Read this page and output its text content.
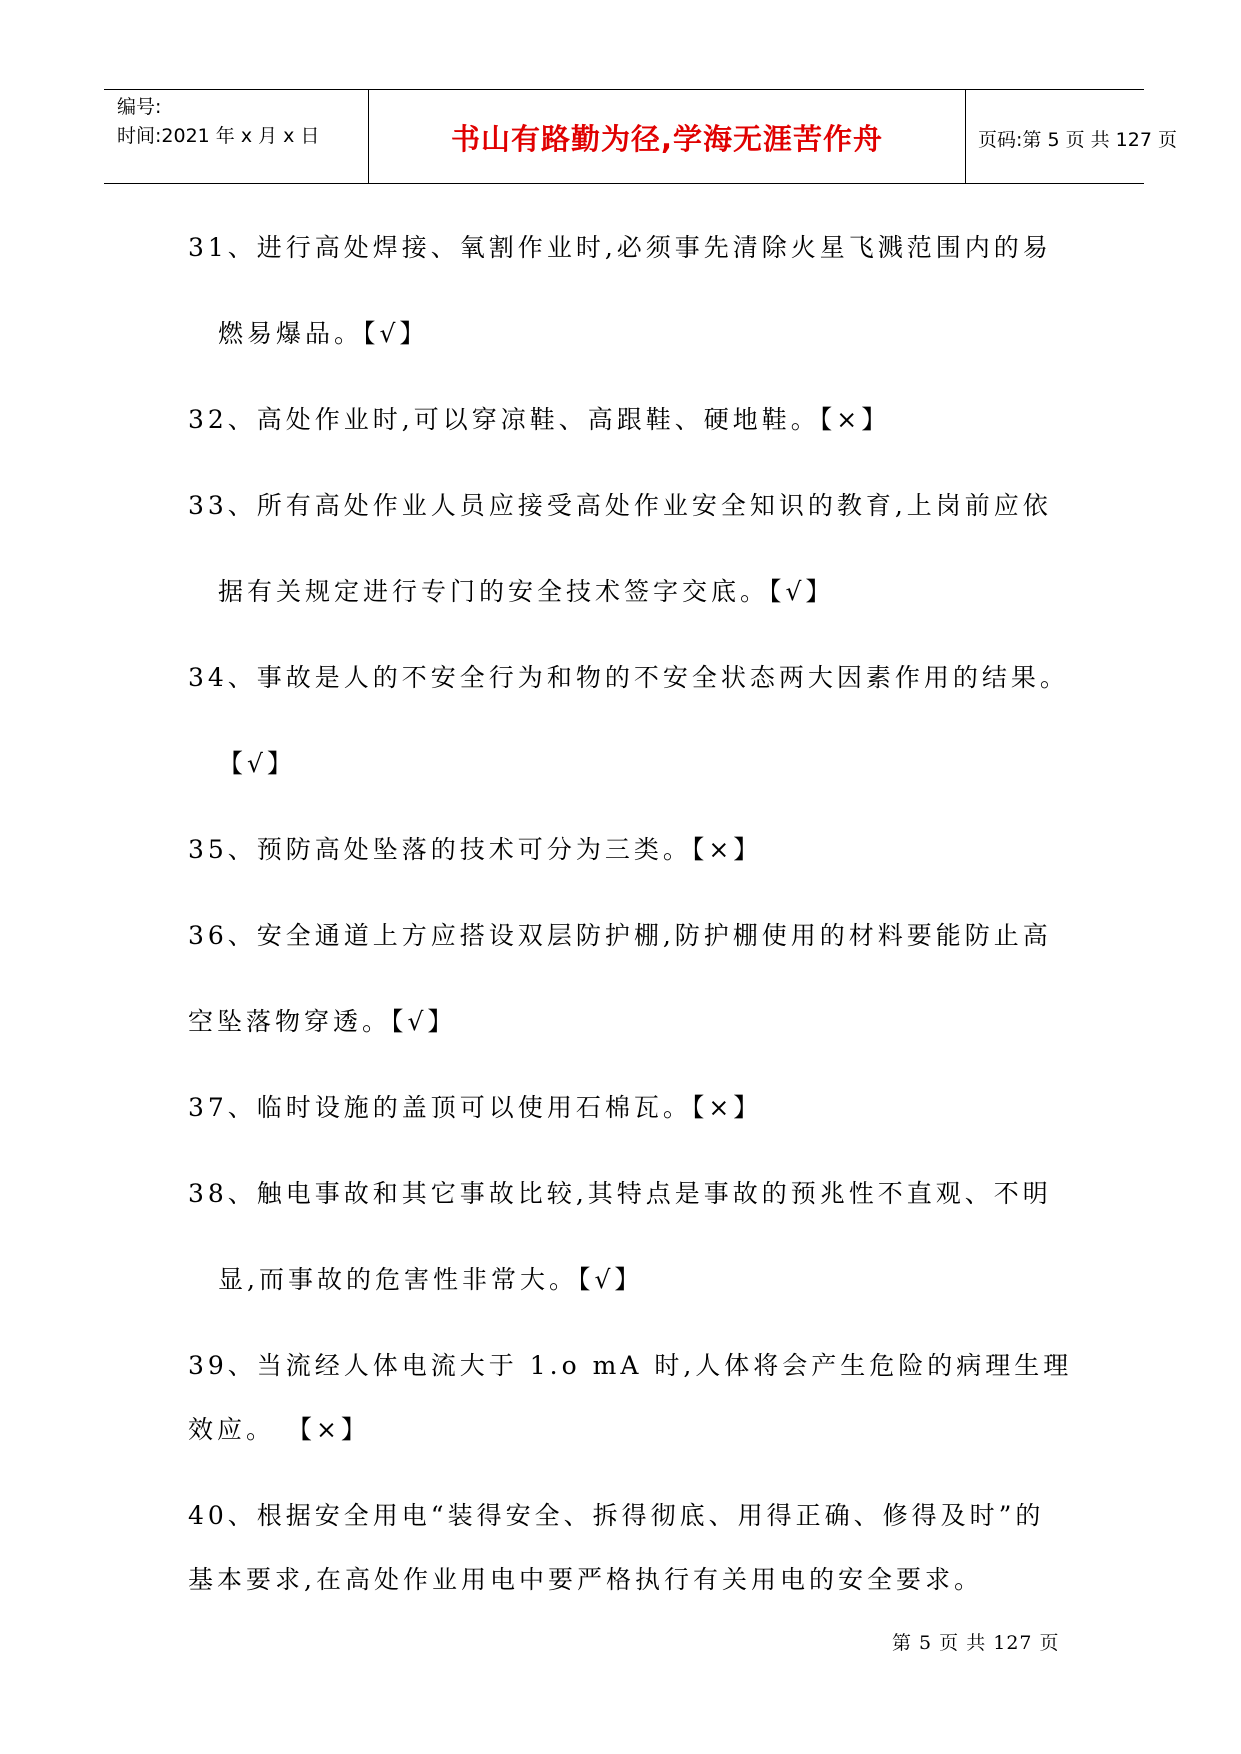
编号:
时间:2021 年 x 月 x 日	书山有路勤为径,学海无涯苦作舟	页码:第 5 页 共 127 页
31、进行高处焊接、氧割作业时,必须事先清除火星飞溅范围内的易
燃易爆品。【√】
32、高处作业时,可以穿凉鞋、高跟鞋、硬地鞋。【×】
33、所有高处作业人员应接受高处作业安全知识的教育,上岗前应依
据有关规定进行专门的安全技术签字交底。【√】
34、事故是人的不安全行为和物的不安全状态两大因素作用的结果。
【√】
35、预防高处坠落的技术可分为三类。【×】
36、安全通道上方应搭设双层防护棚,防护棚使用的材料要能防止高
空坠落物穿透。【√】
37、临时设施的盖顶可以使用石棉瓦。【×】
38、触电事故和其它事故比较,其特点是事故的预兆性不直观、不明
显,而事故的危害性非常大。【√】
39、当流经人体电流大于 1.o mA 时,人体将会产生危险的病理生理
效应。 【×】
40、根据安全用电“装得安全、拆得彻底、用得正确、修得及时”的
基本要求,在高处作业用电中要严格执行有关用电的安全要求。
第 5 页 共 127 页
